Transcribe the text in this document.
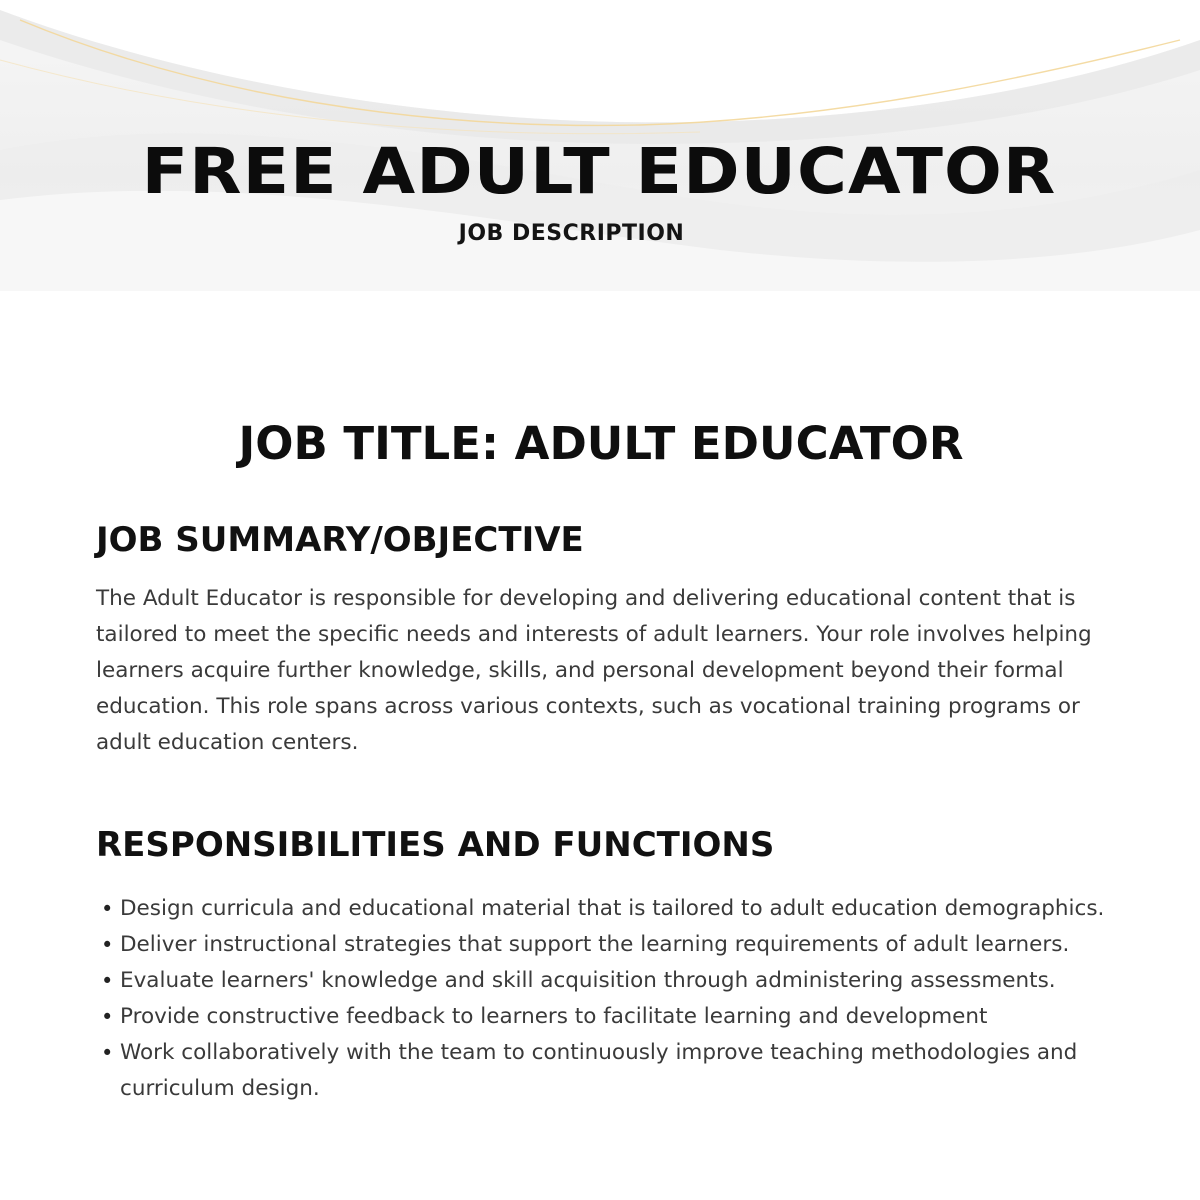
FREE ADULT EDUCATOR
JOB DESCRIPTION
JOB TITLE: ADULT EDUCATOR
JOB SUMMARY/OBJECTIVE

The Adult Educator is responsible for developing and delivering educational content that is tailored to meet the specific needs and interests of adult learners. Your role involves helping learners acquire further knowledge, skills, and personal development beyond their formal education. This role spans across various contexts, such as vocational training programs or adult education centers.

RESPONSIBILITIES AND FUNCTIONS
• Design curricula and educational material that is tailored to adult education demographics.
• Deliver instructional strategies that support the learning requirements of adult learners.
• Evaluate learners' knowledge and skill acquisition through administering assessments.
• Provide constructive feedback to learners to facilitate learning and development
• Work collaboratively with the team to continuously improve teaching methodologies and curriculum design.
